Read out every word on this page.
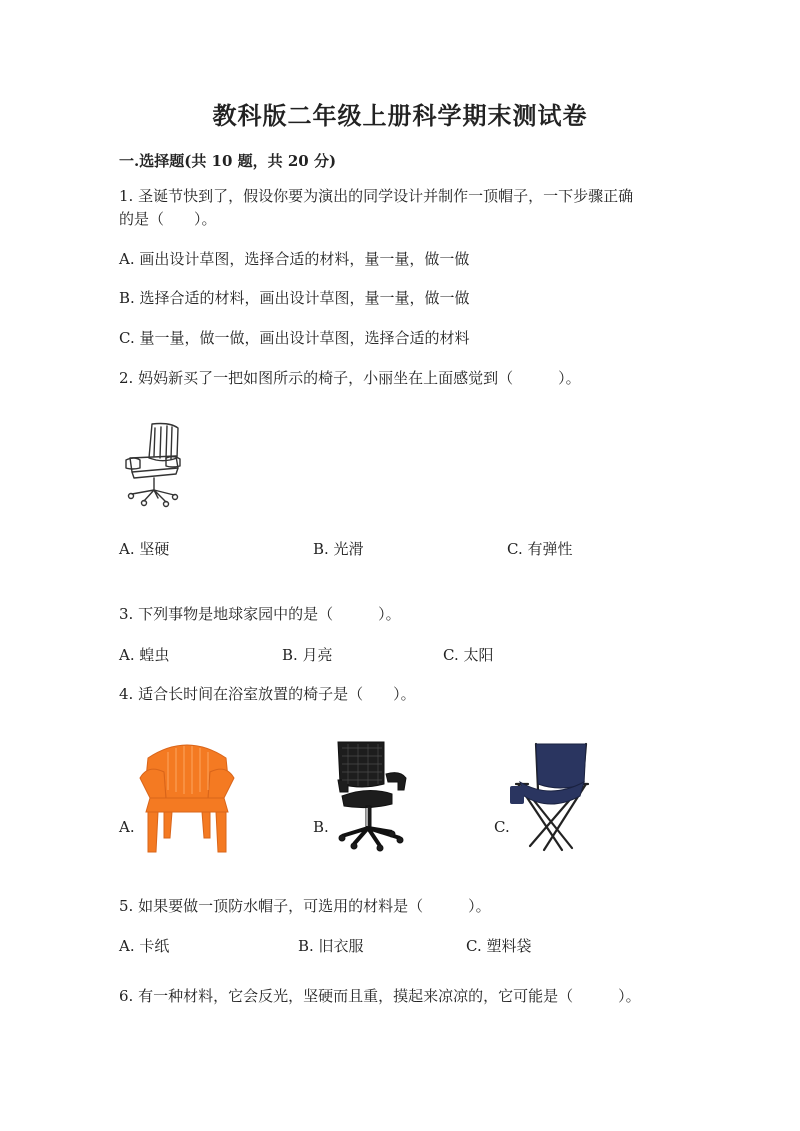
教科版二年级上册科学期末测试卷
一.选择题(共 10 题，共 20 分)
1. 圣诞节快到了，假设你要为演出的同学设计并制作一顶帽子，一下步骤正确
的是（　　）。
A. 画出设计草图，选择合适的材料，量一量，做一做
B. 选择合适的材料，画出设计草图，量一量，做一做
C. 量一量，做一做，画出设计草图，选择合适的材料
2. 妈妈新买了一把如图所示的椅子，小丽坐在上面感觉到（　　　）。
A. 坚硬	B. 光滑	C. 有弹性
3. 下列事物是地球家园中的是（　　　）。
A. 蝗虫	B. 月亮	C. 太阳
4. 适合长时间在浴室放置的椅子是（　　）。
A.	B.	C.
5. 如果要做一顶防水帽子，可选用的材料是（　　　）。
A. 卡纸	B. 旧衣服	C. 塑料袋
6. 有一种材料，它会反光，坚硬而且重，摸起来凉凉的，它可能是（　　　）。
